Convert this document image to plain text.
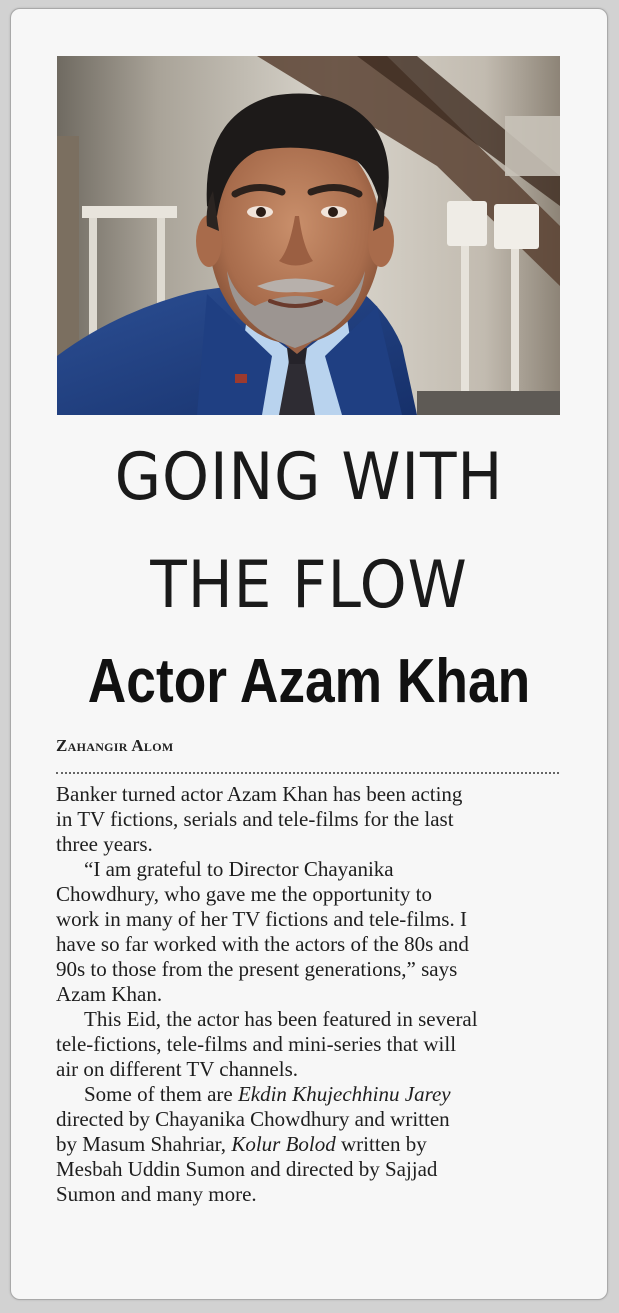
GOING WITH
THE FLOW
Actor Azam Khan
Zahangir Alom
Banker turned actor Azam Khan has been acting
in TV fictions, serials and tele-films for the last
three years.
“I am grateful to Director Chayanika
Chowdhury, who gave me the opportunity to
work in many of her TV fictions and tele-films. I
have so far worked with the actors of the 80s and
90s to those from the present generations,” says
Azam Khan.
This Eid, the actor has been featured in several
tele-fictions, tele-films and mini-series that will
air on different TV channels.
Some of them are Ekdin Khujechhinu Jarey
directed by Chayanika Chowdhury and written
by Masum Shahriar, Kolur Bolod written by
Mesbah Uddin Sumon and directed by Sajjad
Sumon and many more.
